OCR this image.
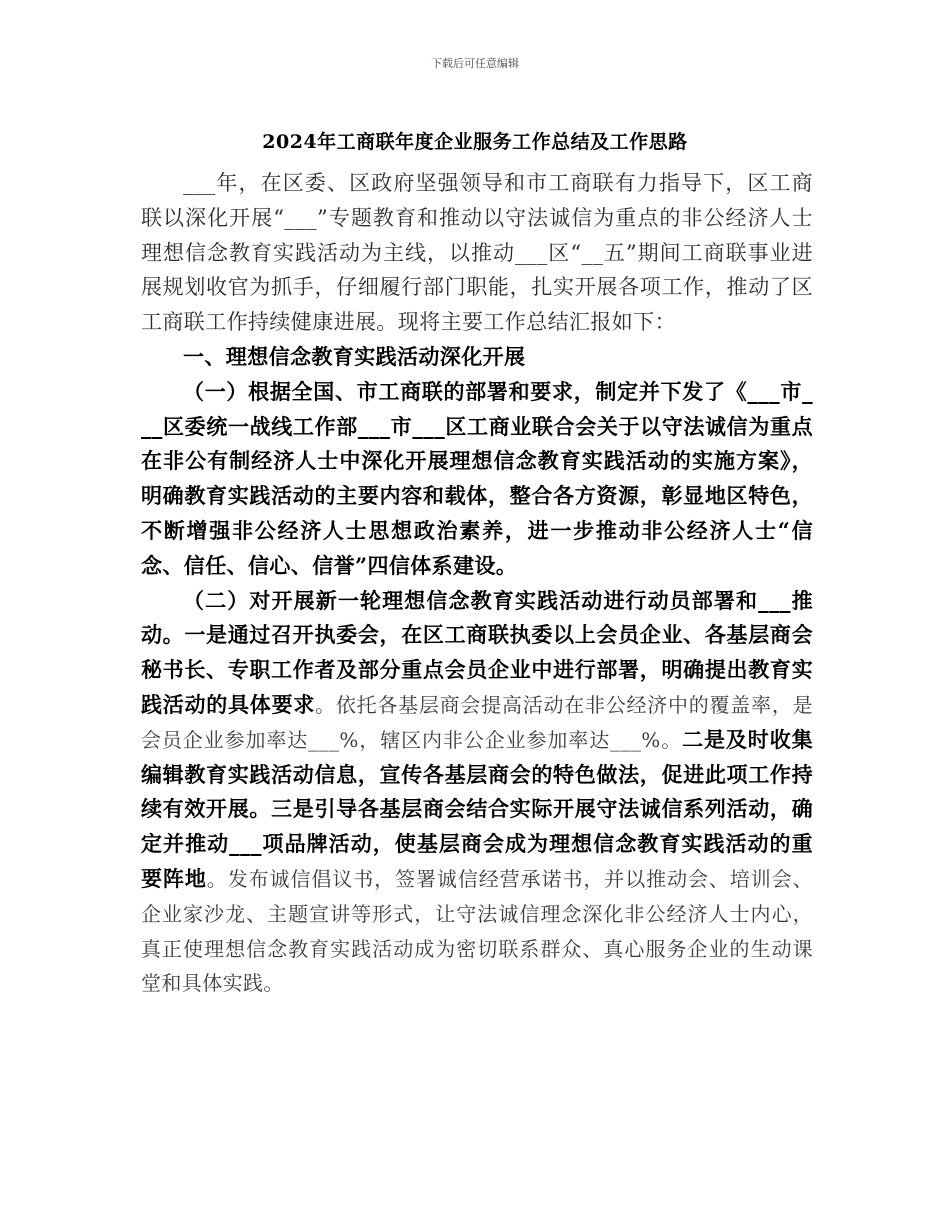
下载后可任意编辑
2024年工商联年度企业服务工作总结及工作思路

___年，在区委、区政府坚强领导和市工商联有力指导下，区工商联以深化开展“___”专题教育和推动以守法诚信为重点的非公经济人士理想信念教育实践活动为主线，以推动___区“__五”期间工商联事业进展规划收官为抓手，仔细履行部门职能，扎实开展各项工作，推动了区工商联工作持续健康进展。现将主要工作总结汇报如下：

一、理想信念教育实践活动深化开展

（一）根据全国、市工商联的部署和要求，制定并下发了《___市___区委统一战线工作部___市___区工商业联合会关于以守法诚信为重点在非公有制经济人士中深化开展理想信念教育实践活动的实施方案》，明确教育实践活动的主要内容和载体，整合各方资源，彰显地区特色，不断增强非公经济人士思想政治素养，进一步推动非公经济人士“信念、信任、信心、信誉”四信体系建设。

（二）对开展新一轮理想信念教育实践活动进行动员部署和___推动。一是通过召开执委会，在区工商联执委以上会员企业、各基层商会秘书长、专职工作者及部分重点会员企业中进行部署，明确提出教育实践活动的具体要求。依托各基层商会提高活动在非公经济中的覆盖率，是会员企业参加率达___%，辖区内非公企业参加率达___%。二是及时收集编辑教育实践活动信息，宣传各基层商会的特色做法，促进此项工作持续有效开展。三是引导各基层商会结合实际开展守法诚信系列活动，确定并推动___项品牌活动，使基层商会成为理想信念教育实践活动的重要阵地。发布诚信倡议书，签署诚信经营承诺书，并以推动会、培训会、企业家沙龙、主题宣讲等形式，让守法诚信理念深化非公经济人士内心，真正使理想信念教育实践活动成为密切联系群众、真心服务企业的生动课堂和具体实践。
